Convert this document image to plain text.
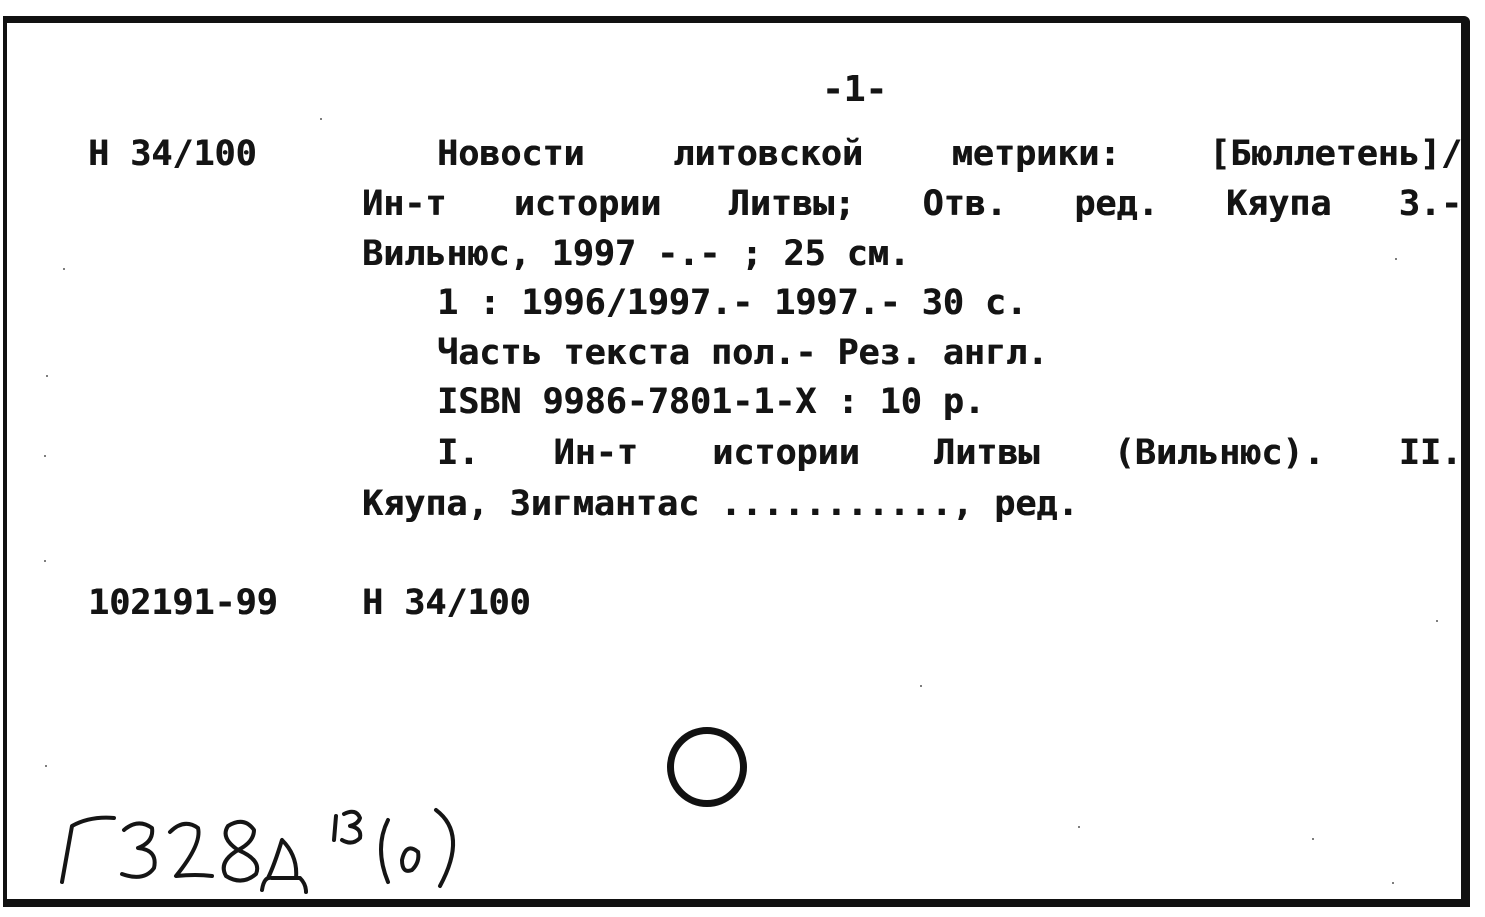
-1-

Н 34/100	Новости	литовской	метрики:	[Бюллетень]/

Ин-т истории Литвы; Отв. ред. Кяупа З.-

Вильнюс, 1997 -.- ; 25 см.

1 : 1996/1997.- 1997.- 30 с.

Часть текста пол.- Рез. англ.

ISBN 9986-7801-1-X : 10 р.

I. Ин-т истории Литвы (Вильнюс). II.

Кяупа, Зигмантас ..........., ред.

102191-99 Н 34/100
